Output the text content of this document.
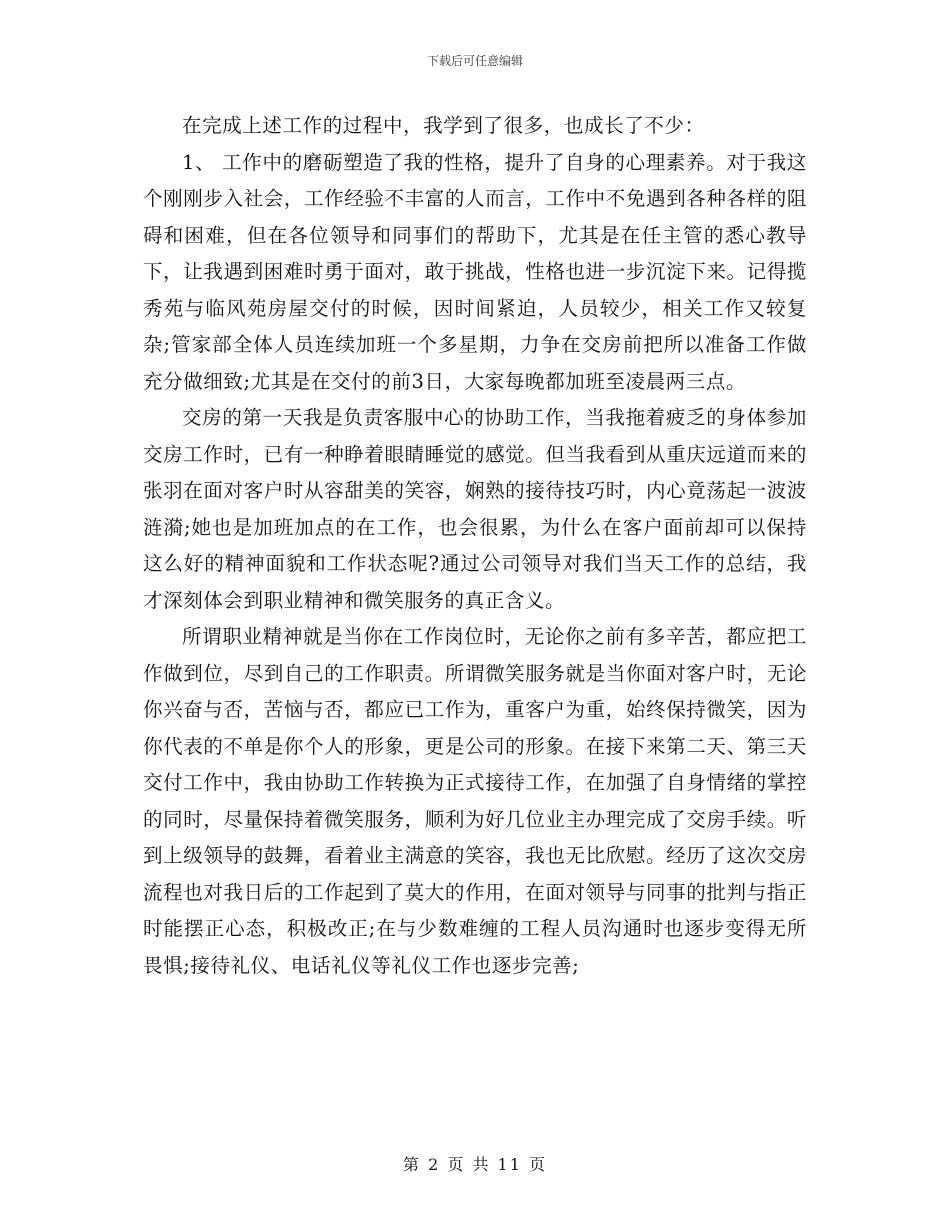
下载后可任意编辑

在完成上述工作的过程中，我学到了很多，也成长了不少：

1、 工作中的磨砺塑造了我的性格，提升了自身的心理素养。对于我这个刚刚步入社会，工作经验不丰富的人而言，工作中不免遇到各种各样的阻碍和困难，但在各位领导和同事们的帮助下，尤其是在任主管的悉心教导下，让我遇到困难时勇于面对，敢于挑战，性格也进一步沉淀下来。记得揽秀苑与临风苑房屋交付的时候，因时间紧迫，人员较少，相关工作又较复杂;管家部全体人员连续加班一个多星期，力争在交房前把所以准备工作做充分做细致;尤其是在交付的前3日，大家每晚都加班至凌晨两三点。

交房的第一天我是负责客服中心的协助工作，当我拖着疲乏的身体参加交房工作时，已有一种睁着眼睛睡觉的感觉。但当我看到从重庆远道而来的张羽在面对客户时从容甜美的笑容，娴熟的接待技巧时，内心竟荡起一波波涟漪;她也是加班加点的在工作，也会很累，为什么在客户面前却可以保持这么好的精神面貌和工作状态呢?通过公司领导对我们当天工作的总结，我才深刻体会到职业精神和微笑服务的真正含义。

所谓职业精神就是当你在工作岗位时，无论你之前有多辛苦，都应把工作做到位，尽到自己的工作职责。所谓微笑服务就是当你面对客户时，无论你兴奋与否，苦恼与否，都应已工作为，重客户为重，始终保持微笑，因为你代表的不单是你个人的形象，更是公司的形象。在接下来第二天、第三天交付工作中，我由协助工作转换为正式接待工作，在加强了自身情绪的掌控的同时，尽量保持着微笑服务，顺利为好几位业主办理完成了交房手续。听到上级领导的鼓舞，看着业主满意的笑容，我也无比欣慰。经历了这次交房流程也对我日后的工作起到了莫大的作用，在面对领导与同事的批判与指正时能摆正心态，积极改正;在与少数难缠的工程人员沟通时也逐步变得无所畏惧;接待礼仪、电话礼仪等礼仪工作也逐步完善;

第 2 页 共 11 页
